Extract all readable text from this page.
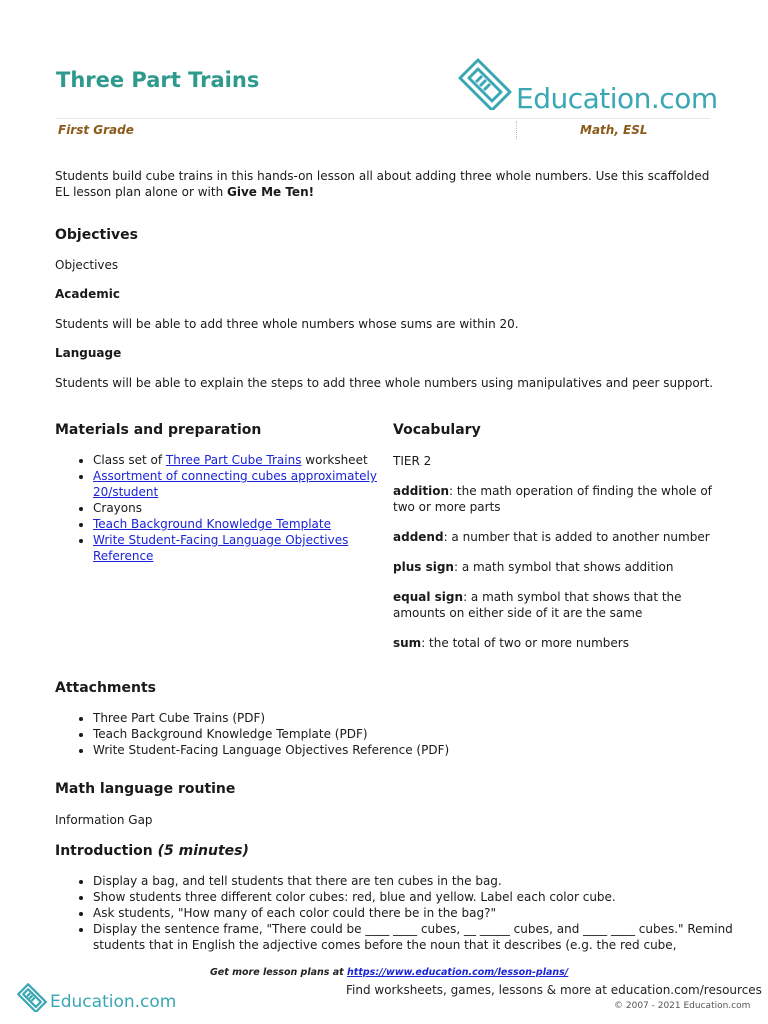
Three Part Trains
Education.com
First Grade	Math, ESL
Students build cube trains in this hands-on lesson all about adding three whole numbers. Use this scaffolded EL lesson plan alone or with Give Me Ten!
Objectives
Objectives
Academic
Students will be able to add three whole numbers whose sums are within 20.
Language
Students will be able to explain the steps to add three whole numbers using manipulatives and peer support.
Materials and preparation
• Class set of Three Part Cube Trains worksheet
• Assortment of connecting cubes approximately 20/student
• Crayons
• Teach Background Knowledge Template
• Write Student-Facing Language Objectives Reference
Vocabulary

TIER 2

addition: the math operation of finding the whole of two or more parts

addend: a number that is added to another number

plus sign: a math symbol that shows addition

equal sign: a math symbol that shows that the amounts on either side of it are the same

sum: the total of two or more numbers

Attachments
• Three Part Cube Trains (PDF)
• Teach Background Knowledge Template (PDF)
• Write Student-Facing Language Objectives Reference (PDF)
Math language routine
Information Gap
Introduction (5 minutes)
• Display a bag, and tell students that there are ten cubes in the bag.
• Show students three different color cubes: red, blue and yellow. Label each color cube.
• Ask students, "How many of each color could there be in the bag?"
• Display the sentence frame, "There could be ____ ____ cubes, __ _____ cubes, and ____ ____ cubes." Remind students that in English the adjective comes before the noun that it describes (e.g. the red cube,
Get more lesson plans at https://www.education.com/lesson-plans/
Education.com
Find worksheets, games, lessons & more at education.com/resources
© 2007 - 2021 Education.com
